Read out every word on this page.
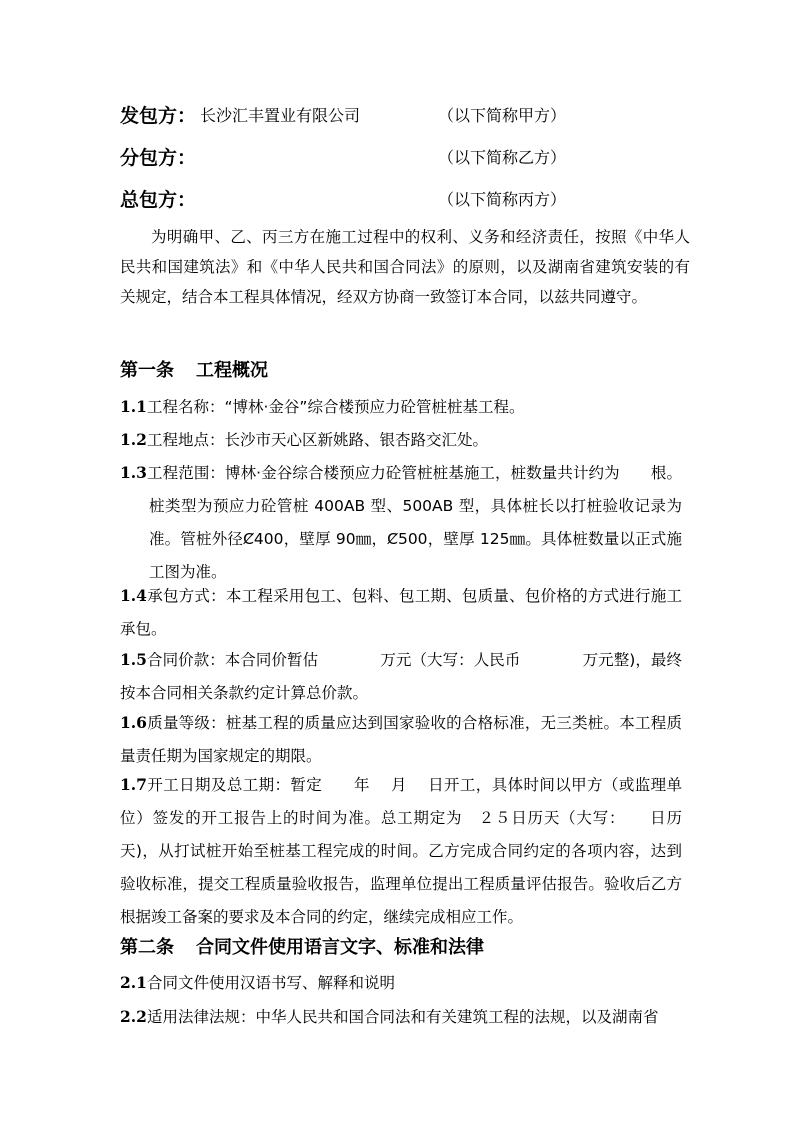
发包方： 长沙汇丰置业有限公司	（以下简称甲方）
分包方：	（以下简称乙方）
总包方：	（以下简称丙方）

为明确甲、乙、丙三方在施工过程中的权利、义务和经济责任，按照《中华人民共和国建筑法》和《中华人民共和国合同法》的原则，以及湖南省建筑安装的有关规定，结合本工程具体情况，经双方协商一致签订本合同，以兹共同遵守。

第一条 工程概况

1.1工程名称：“博林·金谷”综合楼预应力砼管桩桩基工程。

1.2工程地点：长沙市天心区新姚路、银杏路交汇处。

1.3工程范围：博林·金谷综合楼预应力砼管桩桩基施工，桩数量共计约为　　根。桩类型为预应力砼管桩 400AB 型、500AB 型，具体桩长以打桩验收记录为准。管桩外径Ȼ400，壁厚 90㎜，Ȼ500，壁厚 125㎜。具体桩数量以正式施工图为准。

1.4承包方式：本工程采用包工、包料、包工期、包质量、包价格的方式进行施工承包。

1.5合同价款：本合同价暂估　　　　万元（大写：人民币　　　　万元整)，最终按本合同相关条款约定计算总价款。

1.6质量等级：桩基工程的质量应达到国家验收的合格标准，无三类桩。本工程质量责任期为国家规定的期限。

1.7开工日期及总工期：暂定　　年　 月　 日开工，具体时间以甲方（或监理单位）签发的开工报告上的时间为准。总工期定为　２５日历天（大写：　　日历天)，从打试桩开始至桩基工程完成的时间。乙方完成合同约定的各项内容，达到验收标准，提交工程质量验收报告，监理单位提出工程质量评估报告。验收后乙方根据竣工备案的要求及本合同的约定，继续完成相应工作。

第二条 合同文件使用语言文字、标准和法律

2.1合同文件使用汉语书写、解释和说明

2.2适用法律法规：中华人民共和国合同法和有关建筑工程的法规，以及湖南省
